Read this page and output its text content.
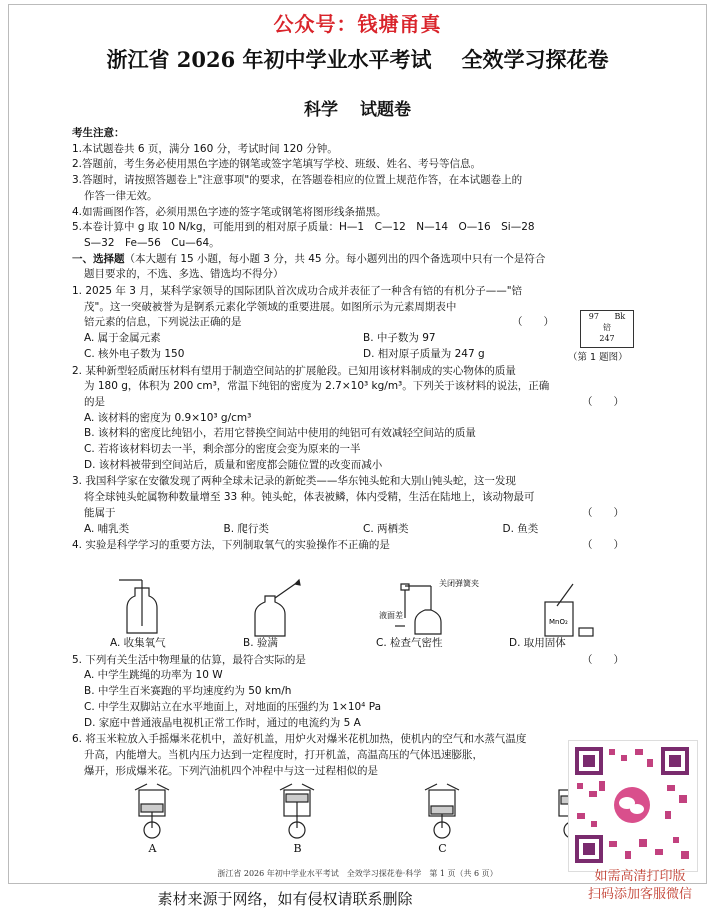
公众号：钱塘甬真
浙江省 2026 年初中学业水平考试 全效学习探花卷
科学 试题卷
考生注意：
1.本试题卷共 6 页，满分 160 分，考试时间 120 分钟。
2.答题前，考生务必使用黑色字迹的钢笔或签字笔填写学校、班级、姓名、考号等信息。
3.答题时，请按照答题卷上"注意事项"的要求，在答题卷相应的位置上规范作答，在本试题卷上的
作答一律无效。
4.如需画图作答，必须用黑色字迹的签字笔或钢笔将图形线条描黑。
5.本卷计算中 g 取 10 N/kg，可能用到的相对原子质量：H—1　C—12　N—14　O—16　Si—28
S—32　Fe—56　Cu—64。
一、选择题（本大题有 15 小题，每小题 3 分，共 45 分。每小题列出的四个备选项中只有一个是符合
题目要求的，不选、多选、错选均不得分）
1. 2025 年 3 月，某科学家领导的国际团队首次成功合成并表征了一种含有锫的有机分子——"锫
茂"。这一突破被誉为是锕系元素化学领域的重要进展。如图所示为元素周期表中
锫元素的信息，下列说法正确的是	（　　）
A. 属于金属元素	B. 中子数为 97
C. 核外电子数为 150	D. 相对原子质量为 247 g
2. 某种新型轻质耐压材料有望用于制造空间站的扩展舱段。已知用该材料制成的实心物体的质量
为 180 g，体积为 200 cm³，常温下纯铝的密度为 2.7×10³ kg/m³。下列关于该材料的说法，正确
的是	（　　）
A. 该材料的密度为 0.9×10³ g/cm³
B. 该材料的密度比纯铝小，若用它替换空间站中使用的纯铝可有效减轻空间站的质量
C. 若将该材料切去一半，剩余部分的密度会变为原来的一半
D. 该材料被带到空间站后，质量和密度都会随位置的改变而减小
3. 我国科学家在安徽发现了两种全球未记录的新蛇类——华东钝头蛇和大别山钝头蛇，这一发现
将全球钝头蛇属物种数量增至 33 种。钝头蛇，体表被鳞，体内受精，生活在陆地上，该动物最可
能属于	（　　）
A. 哺乳类	B. 爬行类	C. 两栖类	D. 鱼类
4. 实验是科学学习的重要方法，下列制取氧气的实验操作不正确的是	（　　）
A. 收集氧气	B. 验满	C. 检查气密性	D. 取用固体
5. 下列有关生活中物理量的估算，最符合实际的是	（　　）
A. 中学生跳绳的功率为 10 W
B. 中学生百米赛跑的平均速度约为 50 km/h
C. 中学生双脚站立在水平地面上，对地面的压强约为 1×10⁴ Pa
D. 家庭中普通液晶电视机正常工作时，通过的电流约为 5 A
6. 将玉米粒放入手摇爆米花机中，盖好机盖，用炉火对爆米花机加热，使机内的空气和水蒸气温度
升高，内能增大。当机内压力达到一定程度时，打开机盖，高温高压的气体迅速膨胀，
爆开，形成爆米花。下列汽油机四个冲程中与这一过程相似的是
97 Bk
锫
247
（第 1 题图）
关闭弹簧夹
液面差
MnO₂
A	B	C
浙江省 2026 年初中学业水平考试　全效学习探花卷·科学　第 1 页（共 6 页）
素材来源于网络，如有侵权请联系删除
如需高清打印版
扫码添加客服微信
